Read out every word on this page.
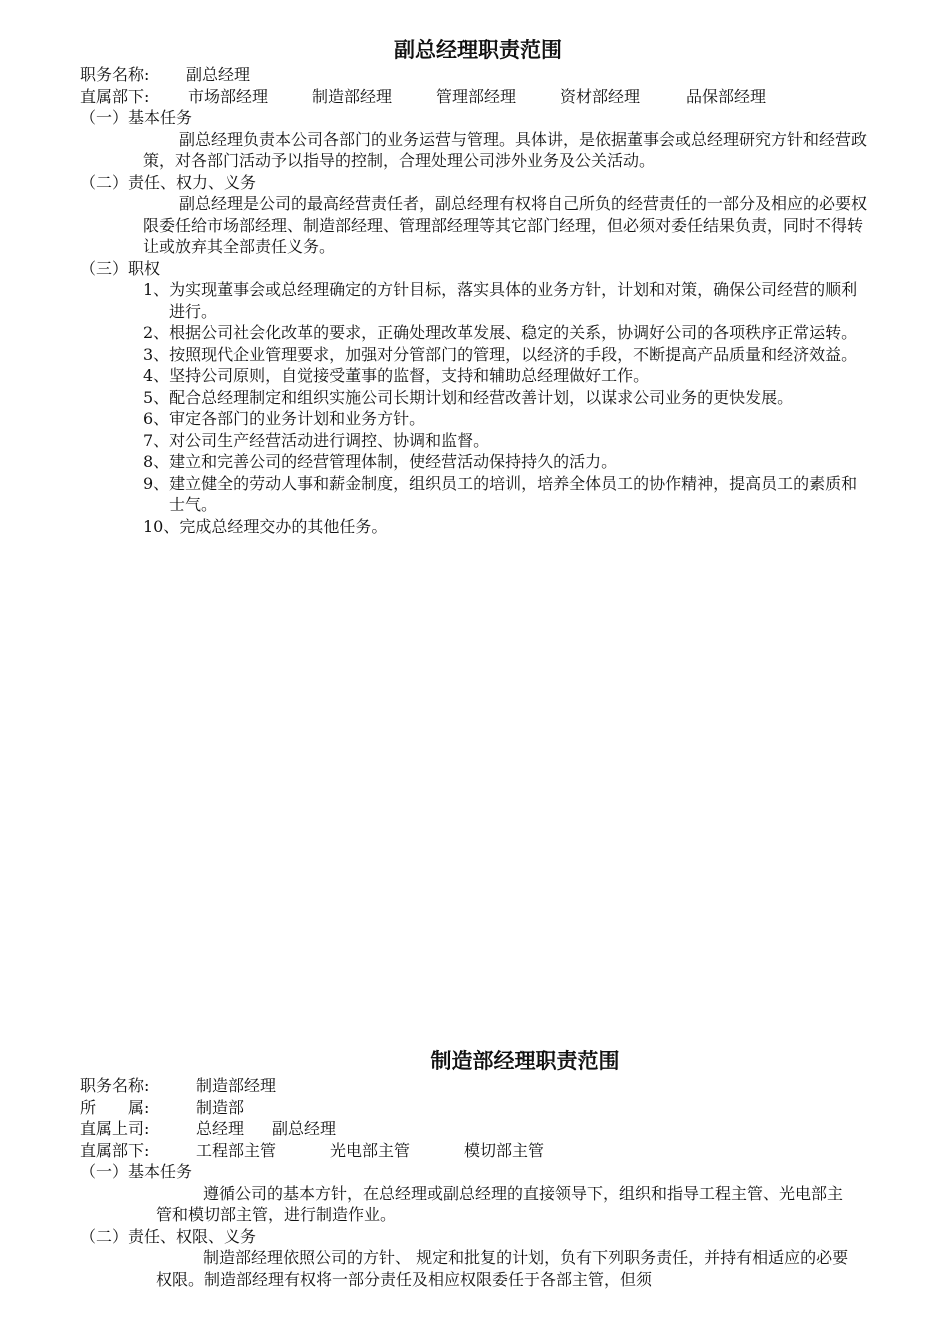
副总经理职责范围
职务名称: 副总经理
直属部下: 市场部经理	制造部经理	管理部经理	资材部经理	品保部经理
（一）基本任务
副总经理负责本公司各部门的业务运营与管理。具体讲，是依据董事会或总经理研究方针和经营政策，对各部门活动予以指导的控制，合理处理公司涉外业务及公关活动。
（二）责任、权力、义务
副总经理是公司的最高经营责任者，副总经理有权将自己所负的经营责任的一部分及相应的必要权限委任给市场部经理、制造部经理、管理部经理等其它部门经理，但必须对委任结果负责，同时不得转让或放弃其全部责任义务。
（三）职权
1、为实现董事会或总经理确定的方针目标，落实具体的业务方针，计划和对策，确保公司经营的顺利进行。
2、根据公司社会化改革的要求，正确处理改革发展、稳定的关系，协调好公司的各项秩序正常运转。
3、按照现代企业管理要求，加强对分管部门的管理，以经济的手段，不断提高产品质量和经济效益。
4、坚持公司原则，自觉接受董事的监督，支持和辅助总经理做好工作。
5、配合总经理制定和组织实施公司长期计划和经营改善计划，以谋求公司业务的更快发展。
6、审定各部门的业务计划和业务方针。
7、对公司生产经营活动进行调控、协调和监督。
8、建立和完善公司的经营管理体制，使经营活动保持持久的活力。
9、建立健全的劳动人事和薪金制度，组织员工的培训，培养全体员工的协作精神，提高员工的素质和士气。
10、完成总经理交办的其他任务。
制造部经理职责范围
职务名称:	制造部经理
所　　属:	制造部
直属上司:	总经理 副总经理
直属部下:	工程部主管	光电部主管	模切部主管
（一）基本任务
遵循公司的基本方针，在总经理或副总经理的直接领导下，组织和指导工程主管、光电部主管和模切部主管，进行制造作业。
（二）责任、权限、义务
制造部经理依照公司的方针、 规定和批复的计划，负有下列职务责任，并持有相适应的必要权限。制造部经理有权将一部分责任及相应权限委任于各部主管，但须
